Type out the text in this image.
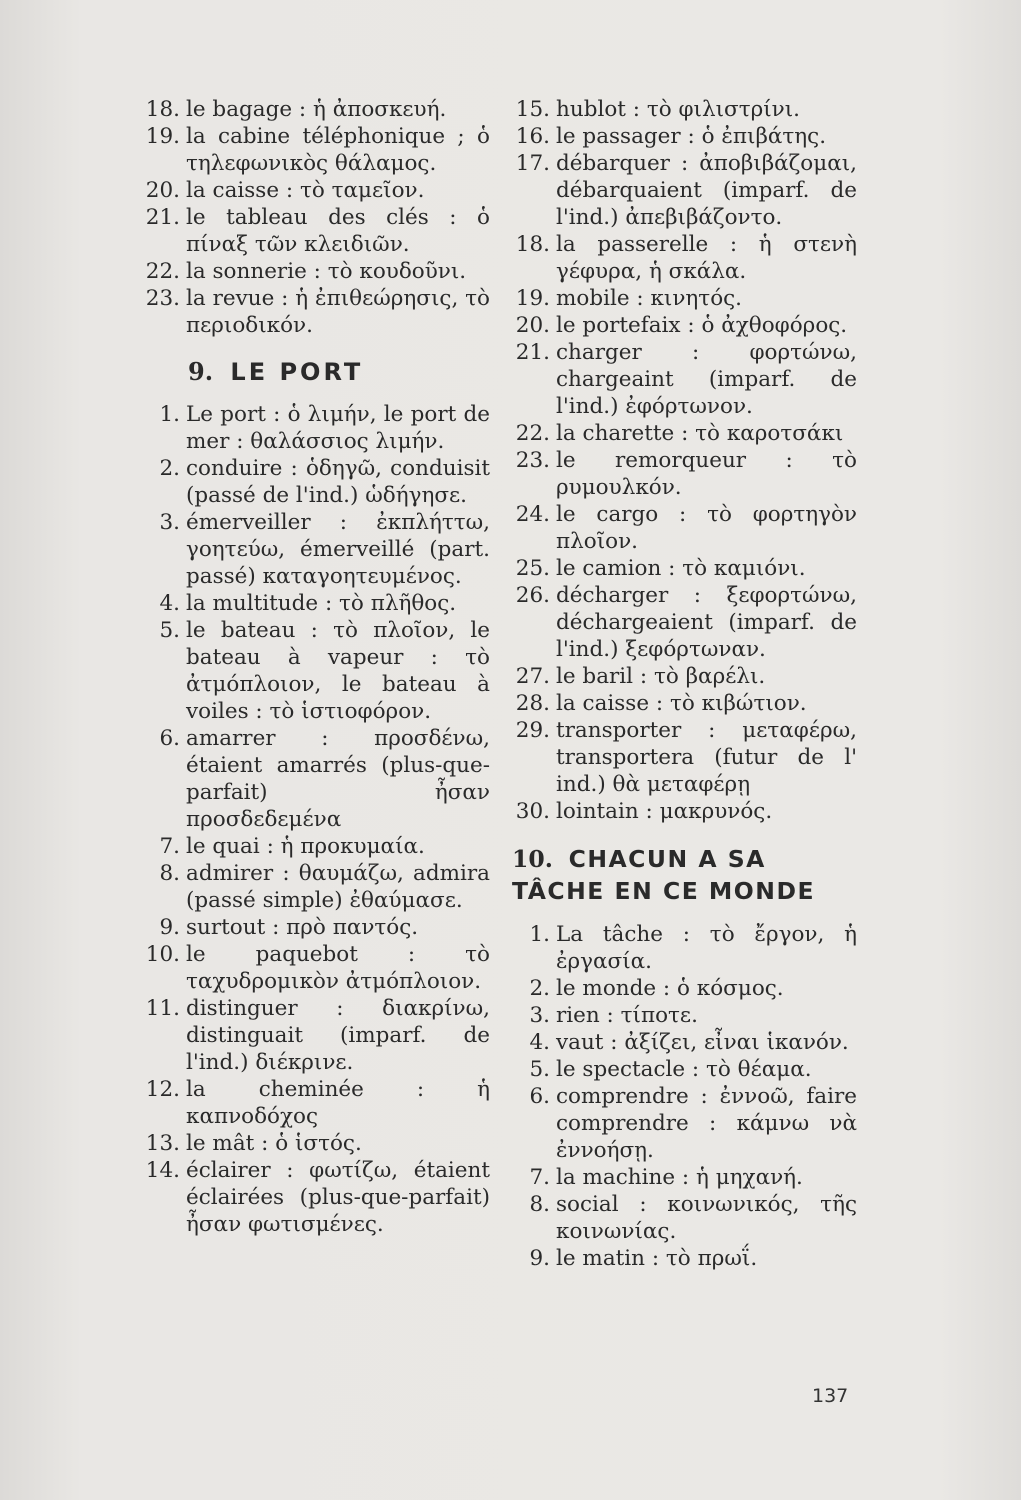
18. le bagage : ἡ ἀποσκευή.
19. la cabine téléphonique ; ὁ τηλεφωνικὸς θάλαμος.
20. la caisse : τὸ ταμεῖον.
21. le tableau des clés : ὁ πίναξ τῶν κλειδιῶν.
22. la sonnerie : τὸ κουδοῦνι.
23. la revue : ἡ ἐπιθεώρησις, τὸ περιοδικόν.
9. LE PORT
1. Le port : ὁ λιμήν, le port de mer : θαλάσσιος λιμήν.
2. conduire : ὁδηγῶ, conduisit (passé de l'ind.) ὡδήγησε.
3. émerveiller : ἐκπλήττω, γοητεύω, émerveillé (part. passé) καταγοητευμένος.
4. la multitude : τὸ πλῆθος.
5. le bateau : τὸ πλοῖον, le bateau à vapeur : τὸ ἀτμόπλοιον, le bateau à voiles : τὸ ἱστιοφόρον.
6. amarrer : προσδένω, étaient amarrés (plus-que-parfait) ἦσαν προσδεδεμένα
7. le quai : ἡ προκυμαία.
8. admirer : θαυμάζω, admira (passé simple) ἐθαύμασε.
9. surtout : πρὸ παντός.
10. le paquebot : τὸ ταχυδρομικὸν ἀτμόπλοιον.
11. distinguer : διακρίνω, distinguait (imparf. de l'ind.) διέκρινε.
12. la cheminée : ἡ καπνοδόχος
13. le mât : ὁ ἱστός.
14. éclairer : φωτίζω, étaient éclairées (plus-que-parfait) ἦσαν φωτισμένες.
15. hublot : τὸ φιλιστρίνι.
16. le passager : ὁ ἐπιβάτης.
17. débarquer : ἀποβιβάζομαι, débarquaient (imparf. de l'ind.) ἀπεβιβάζοντο.
18. la passerelle : ἡ στενὴ γέφυρα, ἡ σκάλα.
19. mobile : κινητός.
20. le portefaix : ὁ ἀχθοφόρος.
21. charger : φορτώνω, chargeaint (imparf. de l'ind.) ἐφόρτωνον.
22. la charette : τὸ καροτσάκι
23. le remorqueur : τὸ ρυμουλκόν.
24. le cargo : τὸ φορτηγὸν πλοῖον.
25. le camion : τὸ καμιόνι.
26. décharger : ξεφορτώνω, déchargeaient (imparf. de l'ind.) ξεφόρτωναν.
27. le baril : τὸ βαρέλι.
28. la caisse : τὸ κιβώτιον.
29. transporter : μεταφέρω, transportera (futur de l' ind.) θὰ μεταφέρῃ
30. lointain : μακρυνός.
10. CHACUN A SA TÂCHE EN CE MONDE
1. La tâche : τὸ ἔργον, ἡ ἐργασία.
2. le monde : ὁ κόσμος.
3. rien : τίποτε.
4. vaut : ἀξίζει, εἶναι ἱκανόν.
5. le spectacle : τὸ θέαμα.
6. comprendre : ἐννοῶ, faire comprendre : κάμνω νὰ ἐννοήσῃ.
7. la machine : ἡ μηχανή.
8. social : κοινωνικός, τῆς κοινωνίας.
9. le matin : τὸ πρωΐ.
137
